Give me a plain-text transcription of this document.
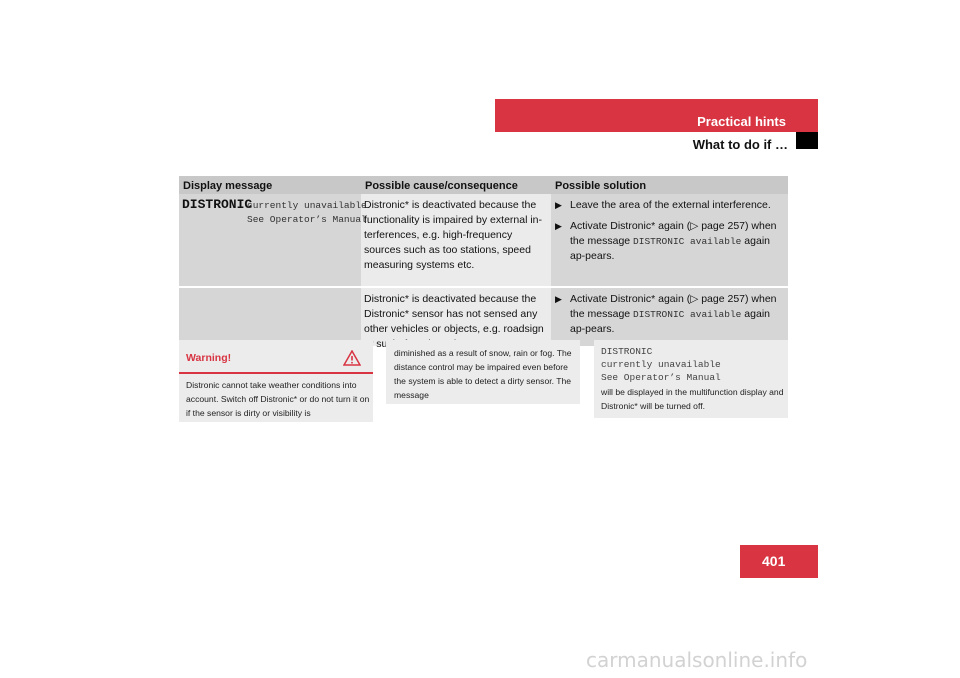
Practical hints
What to do if …
Display message	Possible cause/consequence	Possible solution
DISTRONIC
currently unavailable
See Operator’s Manual
Distronic* is deactivated because the functionality is impaired by external in-terferences, e.g. high-frequency sources such as too stations, speed measuring systems etc.
▶ Leave the area of the external interference.
▶ Activate Distronic* again (▷ page 257) when the message DISTRONIC available again ap-pears.
Distronic* is deactivated because the Distronic* sensor has not sensed any other vehicles or objects, e.g. roadsign
▶ Activate Distronic* again (▷ page 257) when the message DISTRONIC available again ap-pears.
Warning!
Distronic cannot take weather conditions into account. Switch off Distronic* or do not turn it on if the sensor is dirty or visibility is
diminished as a result of snow, rain or fog. The distance control may be impaired even before the system is able to detect a dirty sensor. The message
DISTRONIC
currently unavailable
See Operator’s Manual
will be displayed in the multifunction display and Distronic* will be turned off.
401
carmanualsonline.info
